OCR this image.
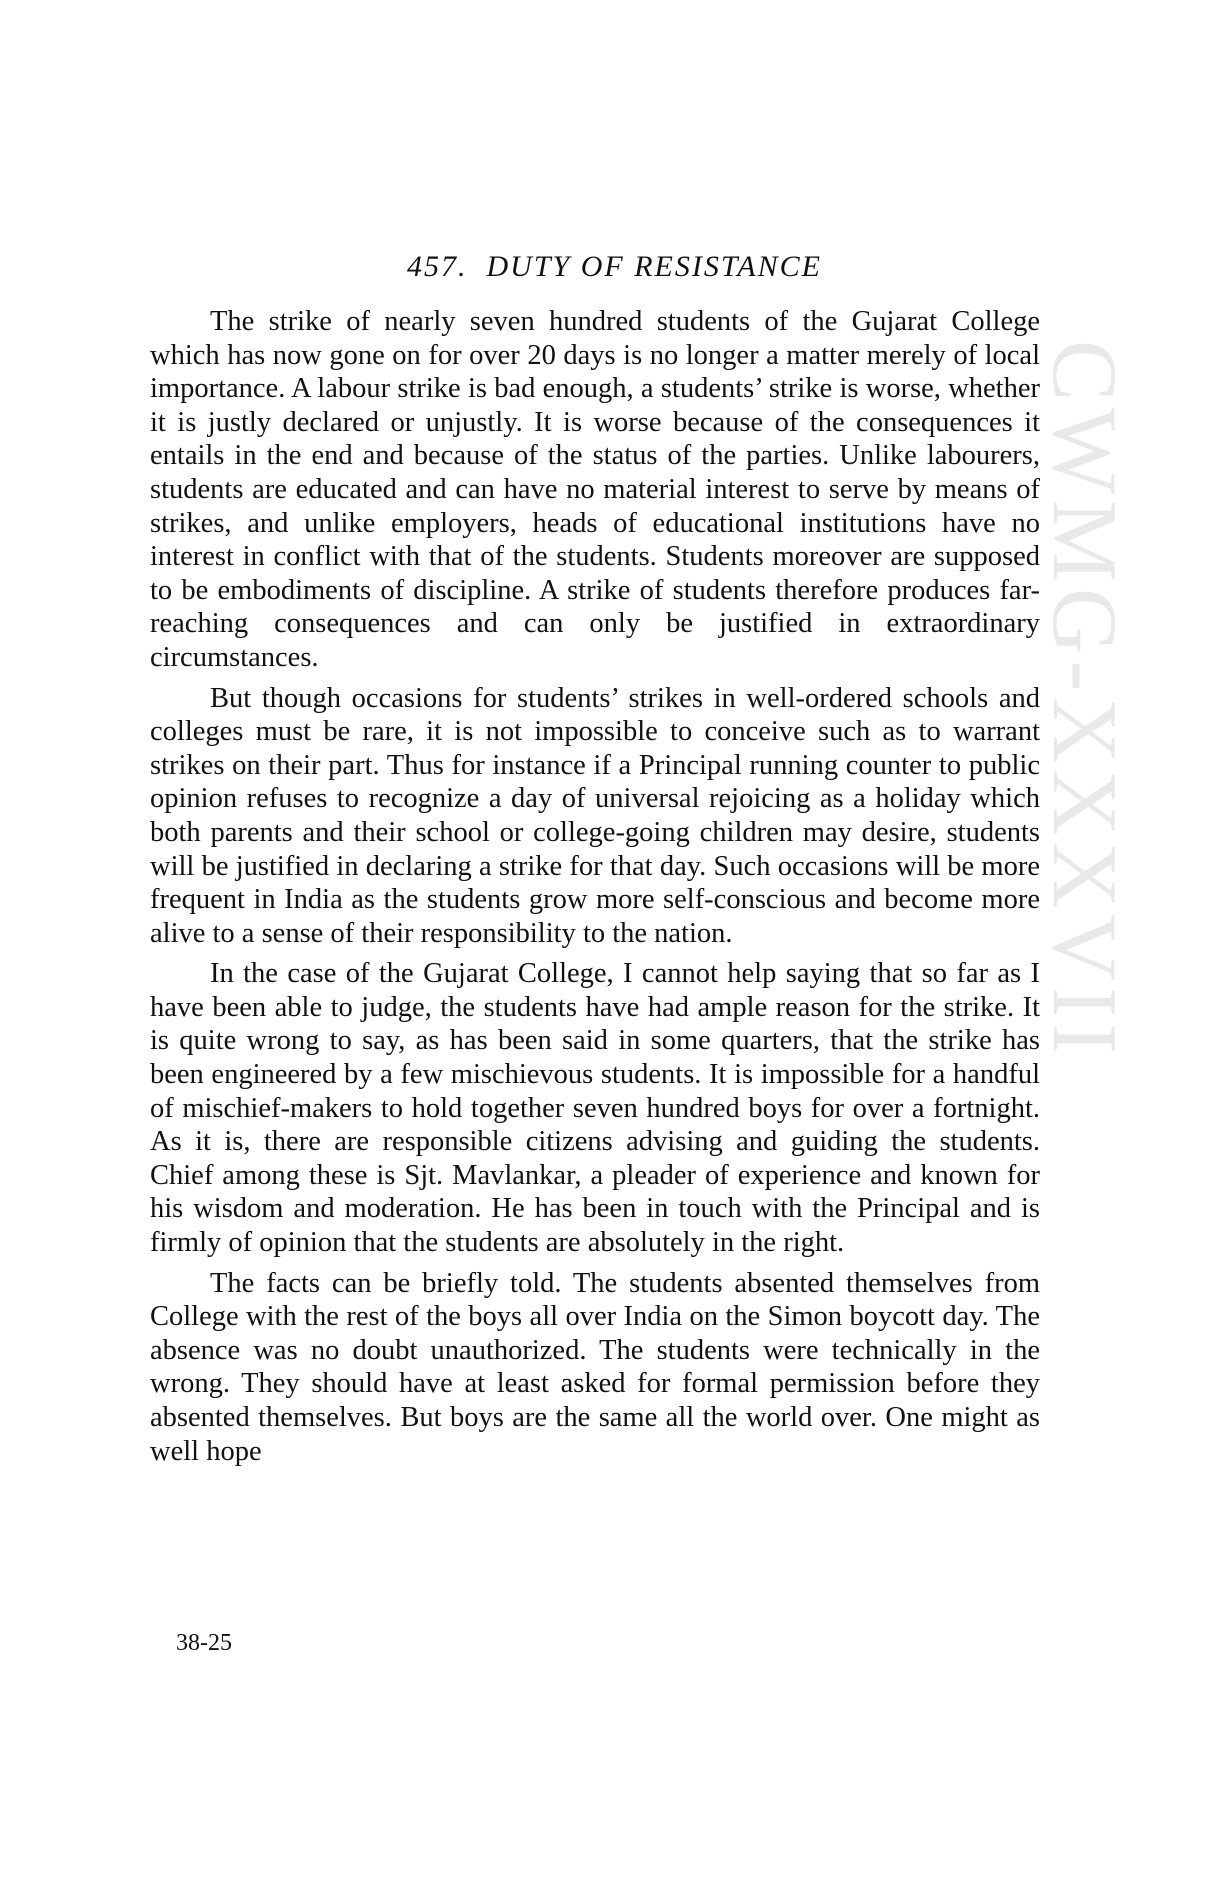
CWMG-XXXVII
457. DUTY OF RESISTANCE

The strike of nearly seven hundred students of the Gujarat College which has now gone on for over 20 days is no longer a matter merely of local importance. A labour strike is bad enough, a students’ strike is worse, whether it is justly declared or unjustly. It is worse because of the consequences it entails in the end and because of the status of the parties. Unlike labourers, students are educated and can have no material interest to serve by means of strikes, and unlike employers, heads of educational institutions have no interest in conflict with that of the students. Students moreover are supposed to be embodiments of discipline. A strike of students therefore produces far-reaching consequences and can only be justified in extraordinary circumstances.

But though occasions for students’ strikes in well-ordered schools and colleges must be rare, it is not impossible to conceive such as to warrant strikes on their part. Thus for instance if a Principal running counter to public opinion refuses to recognize a day of universal rejoicing as a holiday which both parents and their school or college-going children may desire, students will be justified in declaring a strike for that day. Such occasions will be more frequent in India as the students grow more self-conscious and become more alive to a sense of their responsibility to the nation.

In the case of the Gujarat College, I cannot help saying that so far as I have been able to judge, the students have had ample reason for the strike. It is quite wrong to say, as has been said in some quarters, that the strike has been engineered by a few mischievous students. It is impossible for a handful of mischief-makers to hold together seven hundred boys for over a fortnight. As it is, there are responsible citizens advising and guiding the students. Chief among these is Sjt. Mavlankar, a pleader of experience and known for his wisdom and moderation. He has been in touch with the Principal and is firmly of opinion that the students are absolutely in the right.

The facts can be briefly told. The students absented themselves from College with the rest of the boys all over India on the Simon boycott day. The absence was no doubt unauthorized. The students were technically in the wrong. They should have at least asked for formal permission before they absented themselves. But boys are the same all the world over. One might as well hope

38-25
